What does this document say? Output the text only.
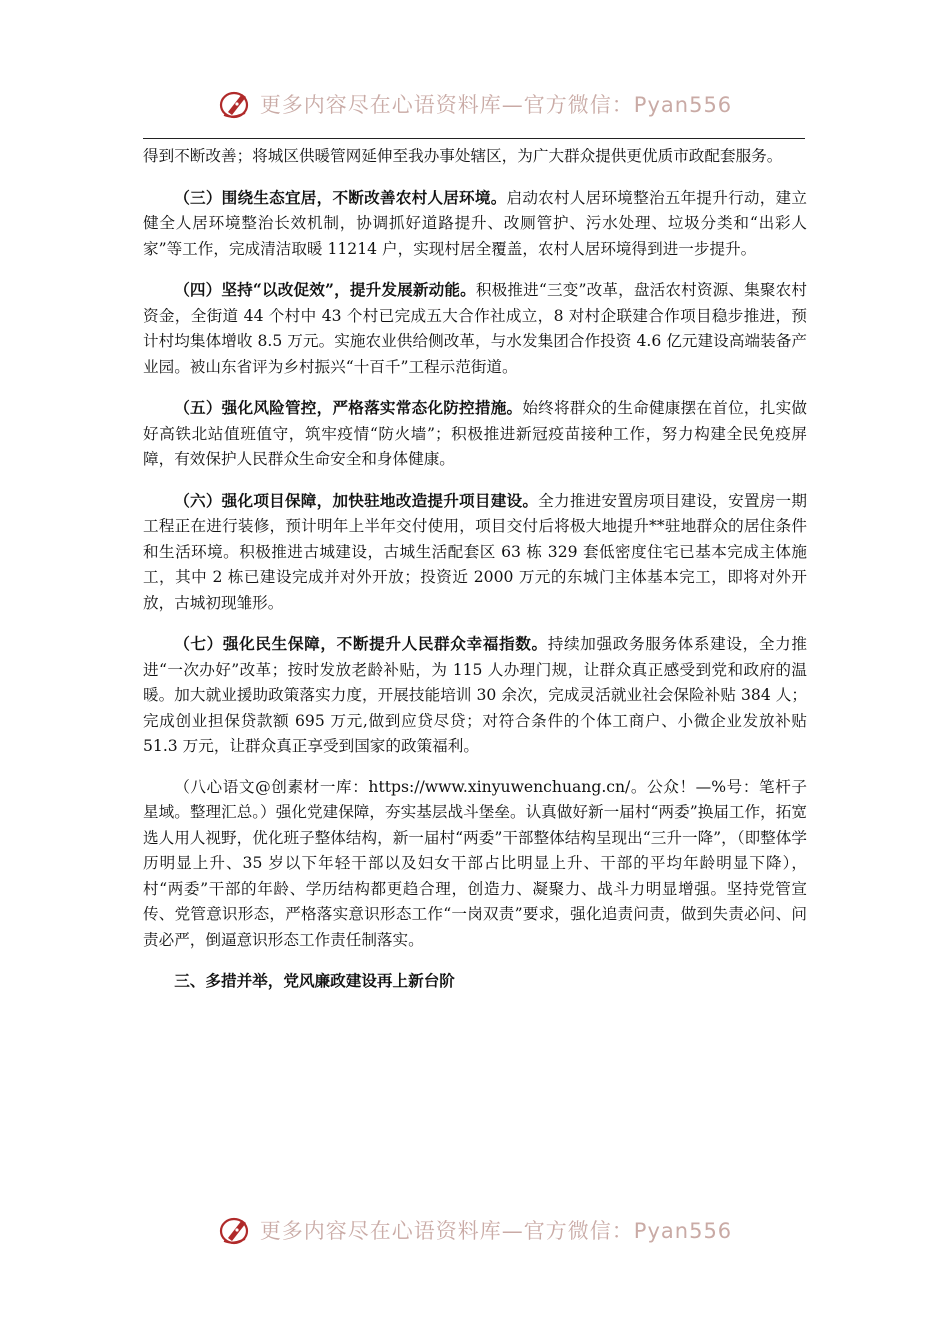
更多内容尽在心语资料库—官方微信：Pyan556

得到不断改善；将城区供暖管网延伸至我办事处辖区，为广大群众提供更优质市政配套服务。

（三）围绕生态宜居，不断改善农村人居环境。启动农村人居环境整治五年提升行动，建立健全人居环境整治长效机制，协调抓好道路提升、改厕管护、污水处理、垃圾分类和“出彩人家”等工作，完成清洁取暖 11214 户，实现村居全覆盖，农村人居环境得到进一步提升。

（四）坚持“以改促效”，提升发展新动能。积极推进“三变”改革，盘活农村资源、集聚农村资金，全街道 44 个村中 43 个村已完成五大合作社成立，8 对村企联建合作项目稳步推进，预计村均集体增收 8.5 万元。实施农业供给侧改革，与水发集团合作投资 4.6 亿元建设高端装备产业园。被山东省评为乡村振兴“十百千”工程示范街道。

（五）强化风险管控，严格落实常态化防控措施。始终将群众的生命健康摆在首位，扎实做好高铁北站值班值守，筑牢疫情“防火墙”；积极推进新冠疫苗接种工作，努力构建全民免疫屏障，有效保护人民群众生命安全和身体健康。

（六）强化项目保障，加快驻地改造提升项目建设。全力推进安置房项目建设，安置房一期工程正在进行装修，预计明年上半年交付使用，项目交付后将极大地提升**驻地群众的居住条件和生活环境。积极推进古城建设，古城生活配套区 63 栋 329 套低密度住宅已基本完成主体施工，其中 2 栋已建设完成并对外开放；投资近 2000 万元的东城门主体基本完工，即将对外开放，古城初现雏形。

（七）强化民生保障，不断提升人民群众幸福指数。持续加强政务服务体系建设，全力推进“一次办好”改革；按时发放老龄补贴，为 115 人办理门规，让群众真正感受到党和政府的温暖。加大就业援助政策落实力度，开展技能培训 30 余次，完成灵活就业社会保险补贴 384 人；完成创业担保贷款额 695 万元,做到应贷尽贷；对符合条件的个体工商户、小微企业发放补贴 51.3 万元，让群众真正享受到国家的政策福利。

（八心语文@创素材一库：https://www.xinyuwenchuang.cn/。公众！—%号：笔杆子星域。整理汇总。）强化党建保障，夯实基层战斗堡垒。认真做好新一届村“两委”换届工作，拓宽选人用人视野，优化班子整体结构，新一届村“两委”干部整体结构呈现出“三升一降”，（即整体学历明显上升、35 岁以下年轻干部以及妇女干部占比明显上升、干部的平均年龄明显下降），村“两委”干部的年龄、学历结构都更趋合理，创造力、凝聚力、战斗力明显增强。坚持党管宣传、党管意识形态，严格落实意识形态工作“一岗双责”要求，强化追责问责，做到失责必问、问责必严，倒逼意识形态工作责任制落实。

三、多措并举，党风廉政建设再上新台阶

更多内容尽在心语资料库—官方微信：Pyan556
